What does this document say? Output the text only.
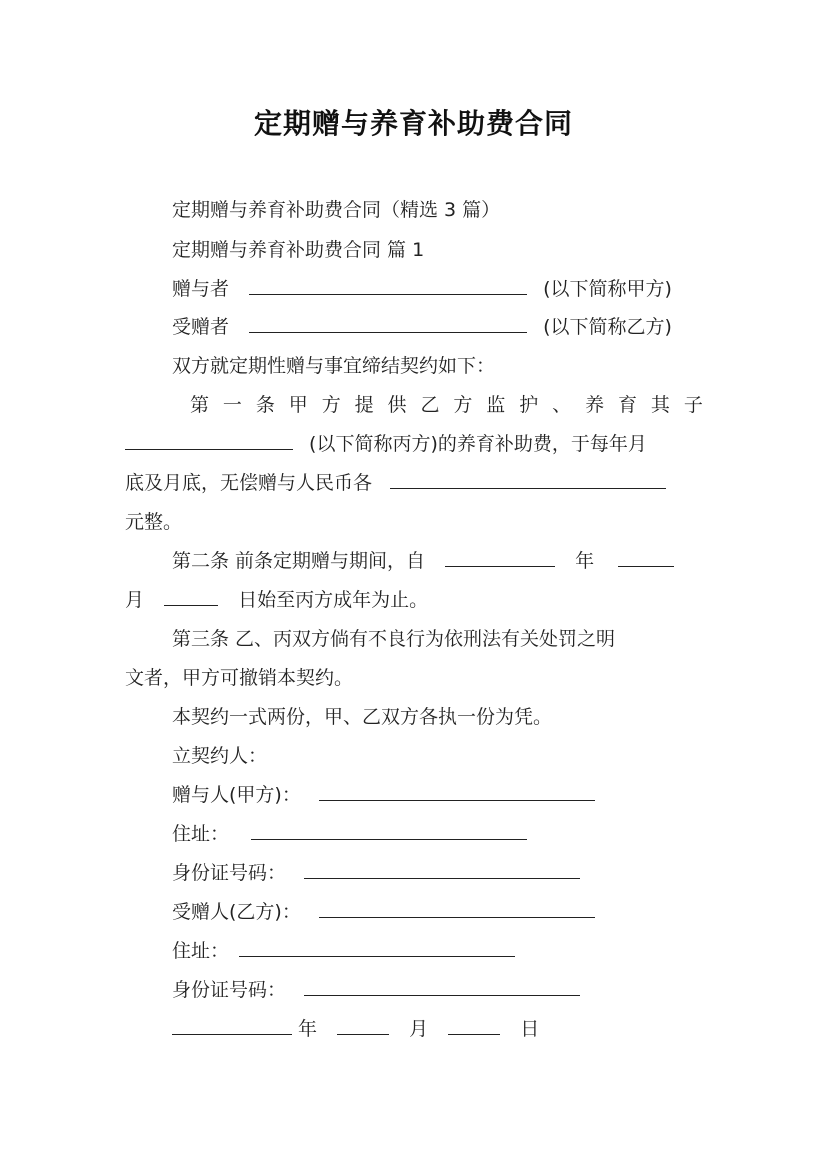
定期赠与养育补助费合同
定期赠与养育补助费合同（精选 3 篇）
定期赠与养育补助费合同 篇 1
赠与者	(以下简称甲方)
受赠者	(以下简称乙方)
双方就定期性赠与事宜缔结契约如下：
第 一 条 甲 方 提 供 乙 方 监 护 、 养 育 其 子
(以下简称丙方)的养育补助费，于每年月
底及月底，无偿赠与人民币各
元整。
第二条 前条定期赠与期间，自	年
月	日始至丙方成年为止。
第三条 乙、丙双方倘有不良行为依刑法有关处罚之明
文者，甲方可撤销本契约。
本契约一式两份，甲、乙双方各执一份为凭。
立契约人：
赠与人(甲方)：
住址：
身份证号码：
受赠人(乙方)：
住址：
身份证号码：
年	月	日
